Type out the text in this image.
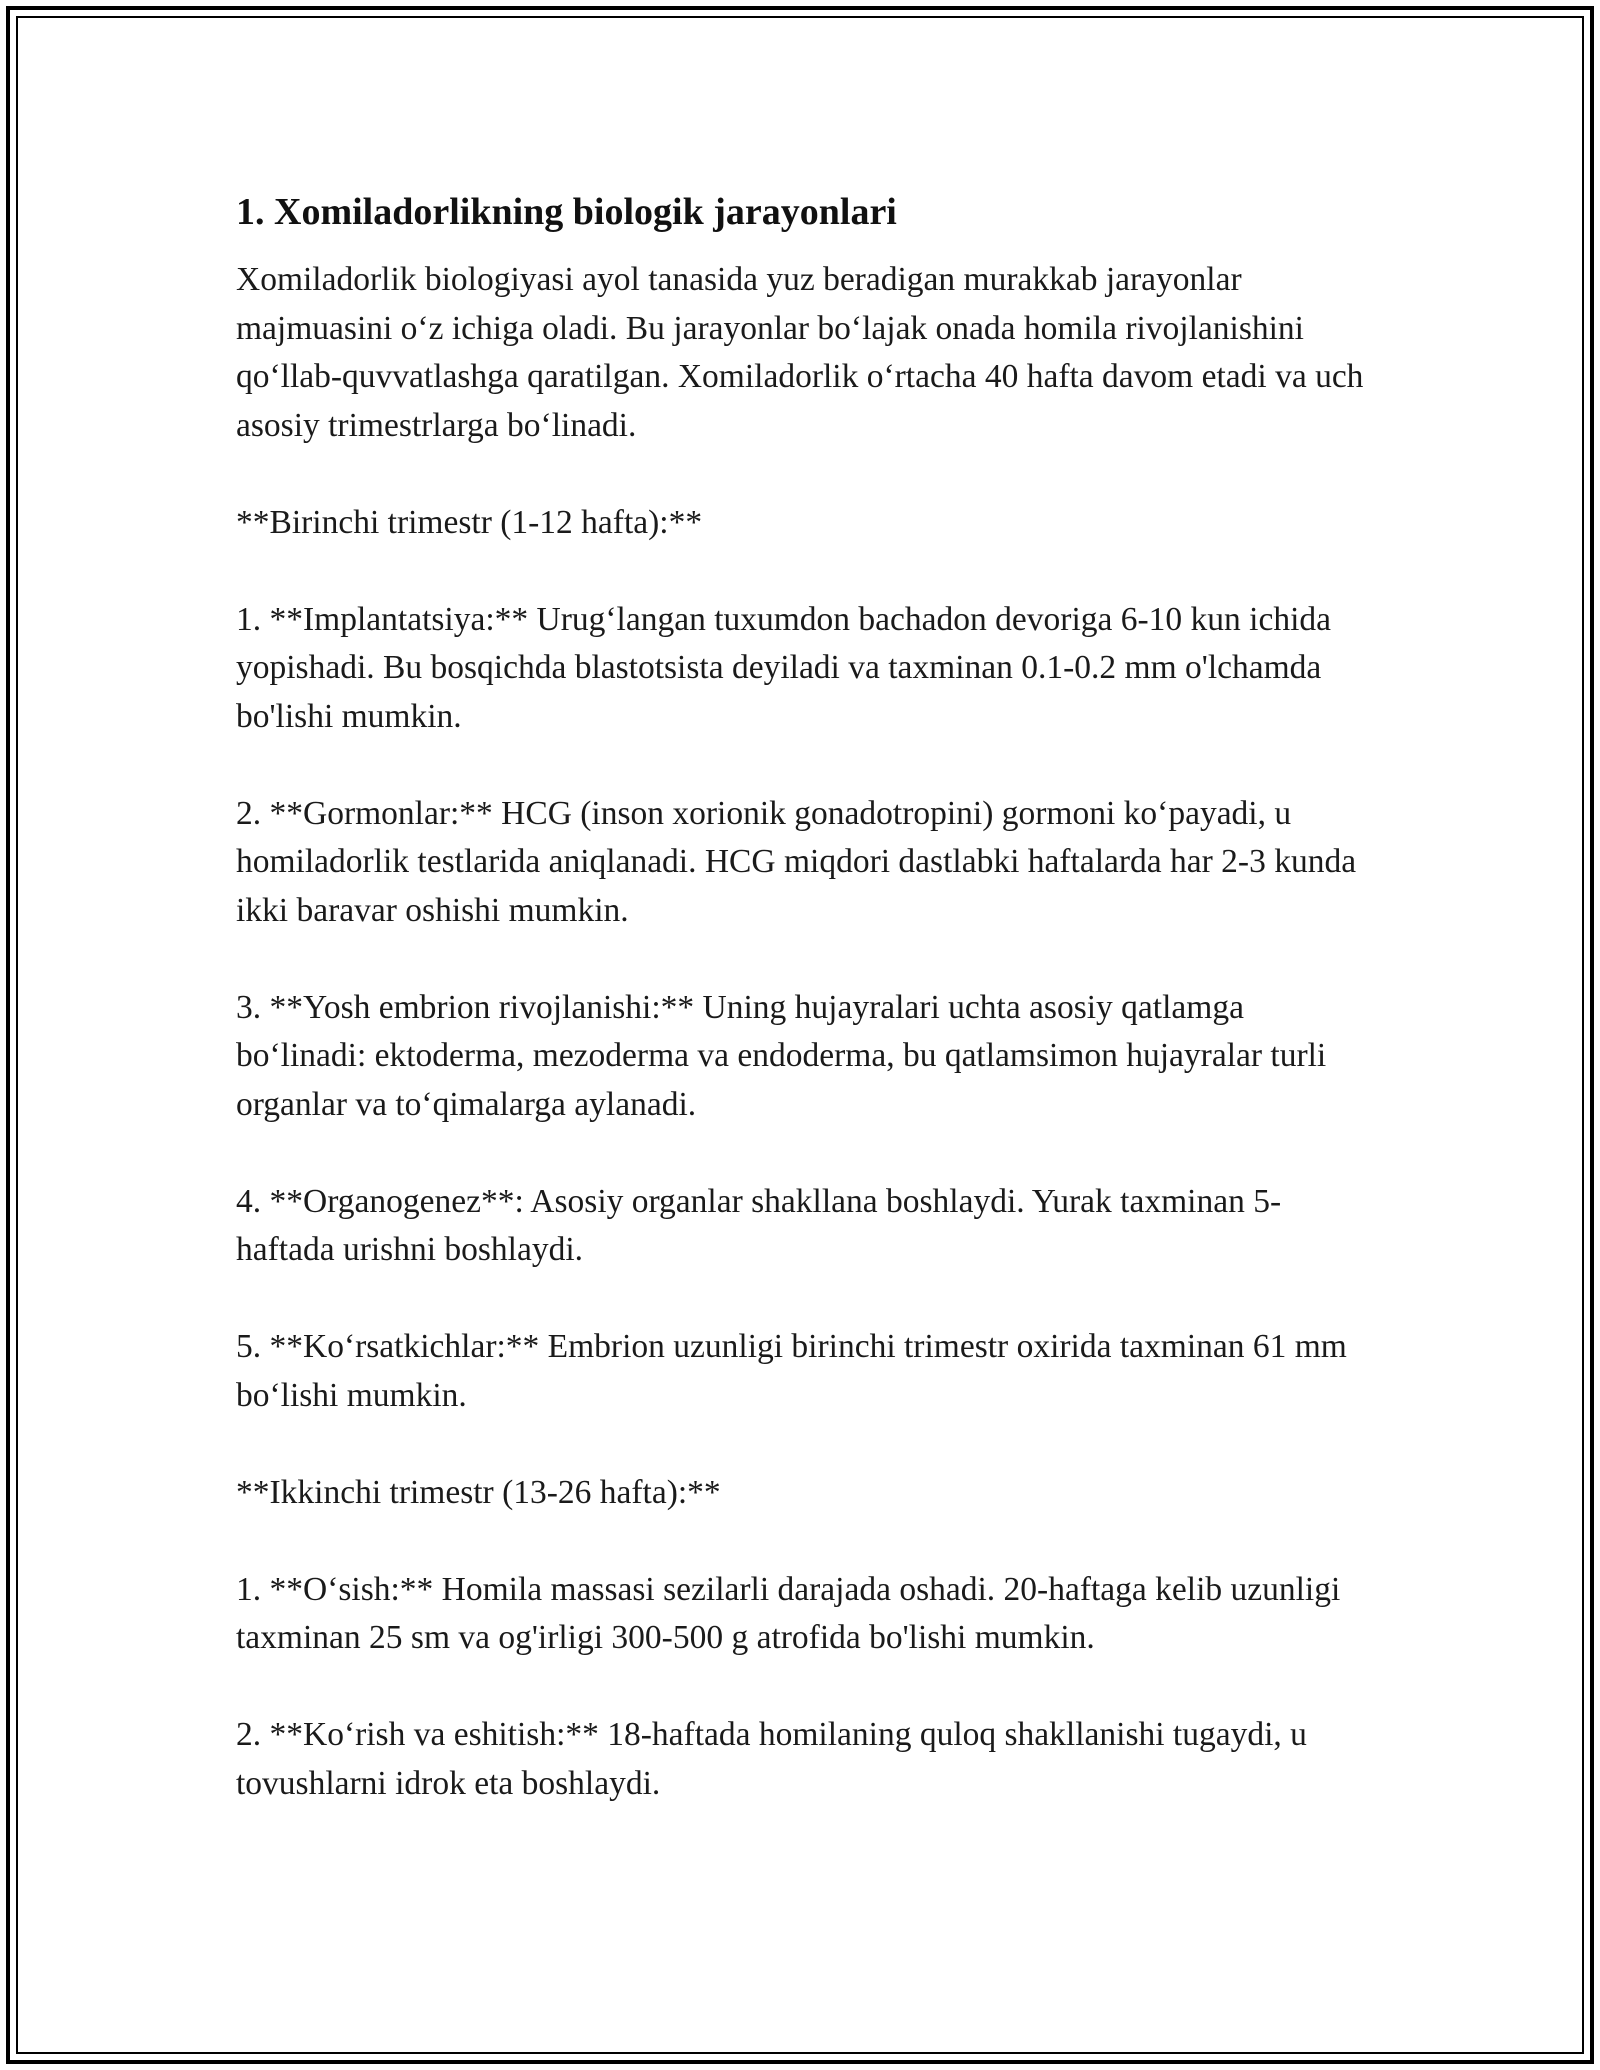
1. Xomiladorlikning biologik jarayonlari

Xomiladorlik biologiyasi ayol tanasida yuz beradigan murakkab jarayonlar majmuasini o‘z ichiga oladi. Bu jarayonlar bo‘lajak onada homila rivojlanishini qo‘llab-quvvatlashga qaratilgan. Xomiladorlik o‘rtacha 40 hafta davom etadi va uch asosiy trimestrlarga bo‘linadi.

**Birinchi trimestr (1-12 hafta):**

1. **Implantatsiya:** Urug‘langan tuxumdon bachadon devoriga 6-10 kun ichida yopishadi. Bu bosqichda blastotsista deyiladi va taxminan 0.1-0.2 mm o'lchamda bo'lishi mumkin.

2. **Gormonlar:** HCG (inson xorionik gonadotropini) gormoni ko‘payadi, u homiladorlik testlarida aniqlanadi. HCG miqdori dastlabki haftalarda har 2-3 kunda ikki baravar oshishi mumkin.

3. **Yosh embrion rivojlanishi:** Uning hujayralari uchta asosiy qatlamga bo‘linadi: ektoderma, mezoderma va endoderma, bu qatlamsimon hujayralar turli organlar va to‘qimalarga aylanadi.

4. **Organogenez**: Asosiy organlar shakllana boshlaydi. Yurak taxminan 5-haftada urishni boshlaydi.

5. **Ko‘rsatkichlar:** Embrion uzunligi birinchi trimestr oxirida taxminan 61 mm bo‘lishi mumkin.

**Ikkinchi trimestr (13-26 hafta):**

1. **O‘sish:** Homila massasi sezilarli darajada oshadi. 20-haftaga kelib uzunligi taxminan 25 sm va og'irligi 300-500 g atrofida bo'lishi mumkin.

2. **Ko‘rish va eshitish:** 18-haftada homilaning quloq shakllanishi tugaydi, u tovushlarni idrok eta boshlaydi.
